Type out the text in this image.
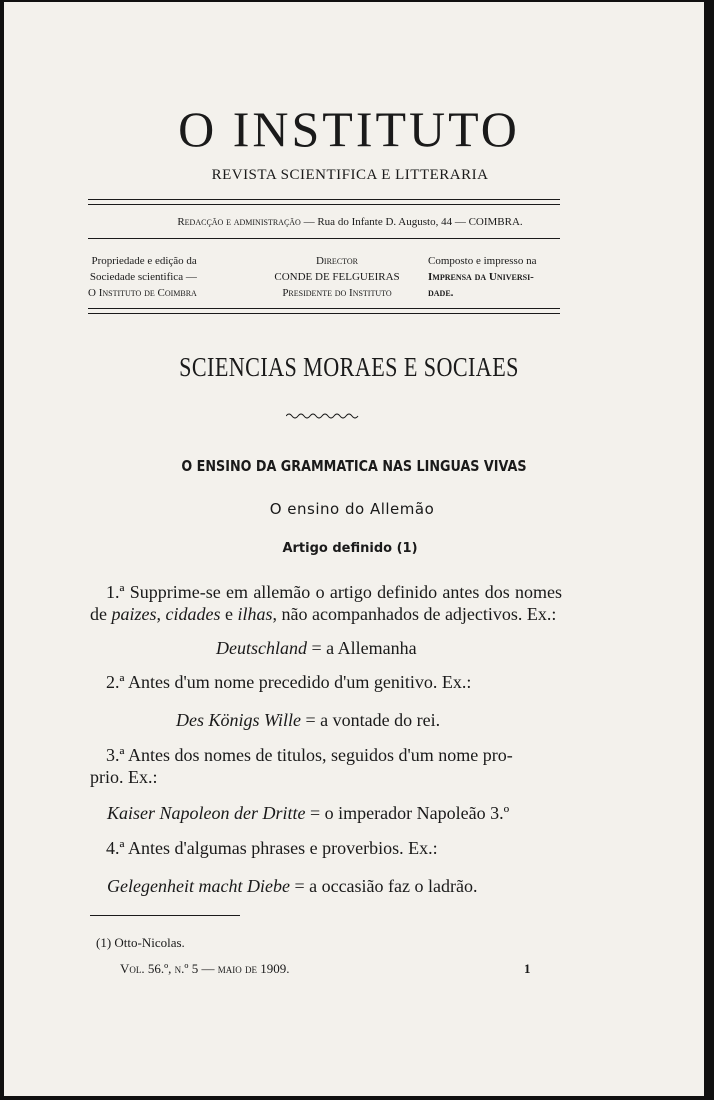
O INSTITUTO
REVISTA SCIENTIFICA E LITTERARIA
Redacção e administração — Rua do Infante D. Augusto, 44 — COIMBRA.
Propriedade e edição da
Sociedade scientifica —
O Instituto de Coimbra
Director
CONDE DE FELGUEIRAS
Presidente do Instituto
Composto e impresso na
Imprensa da Universi-
dade.
SCIENCIAS MORAES E SOCIAES
O ENSINO DA GRAMMATICA NAS LINGUAS VIVAS
O ensino do Allemão
Artigo definido (1)
1.ª Supprime-se em allemão o artigo definido antes dos nomes de paizes, cidades e ilhas, não acompanhados de adjectivos. Ex.:
Deutschland = a Allemanha
2.ª Antes d'um nome precedido d'um genitivo. Ex.:
Des Königs Wille = a vontade do rei.
3.ª Antes dos nomes de titulos, seguidos d'um nome pro-
prio. Ex.:
Kaiser Napoleon der Dritte = o imperador Napoleão 3.º
4.ª Antes d'algumas phrases e proverbios. Ex.:
Gelegenheit macht Diebe = a occasião faz o ladrão.
(1) Otto-Nicolas.
Vol. 56.º, n.º 5 — maio de 1909.	1
